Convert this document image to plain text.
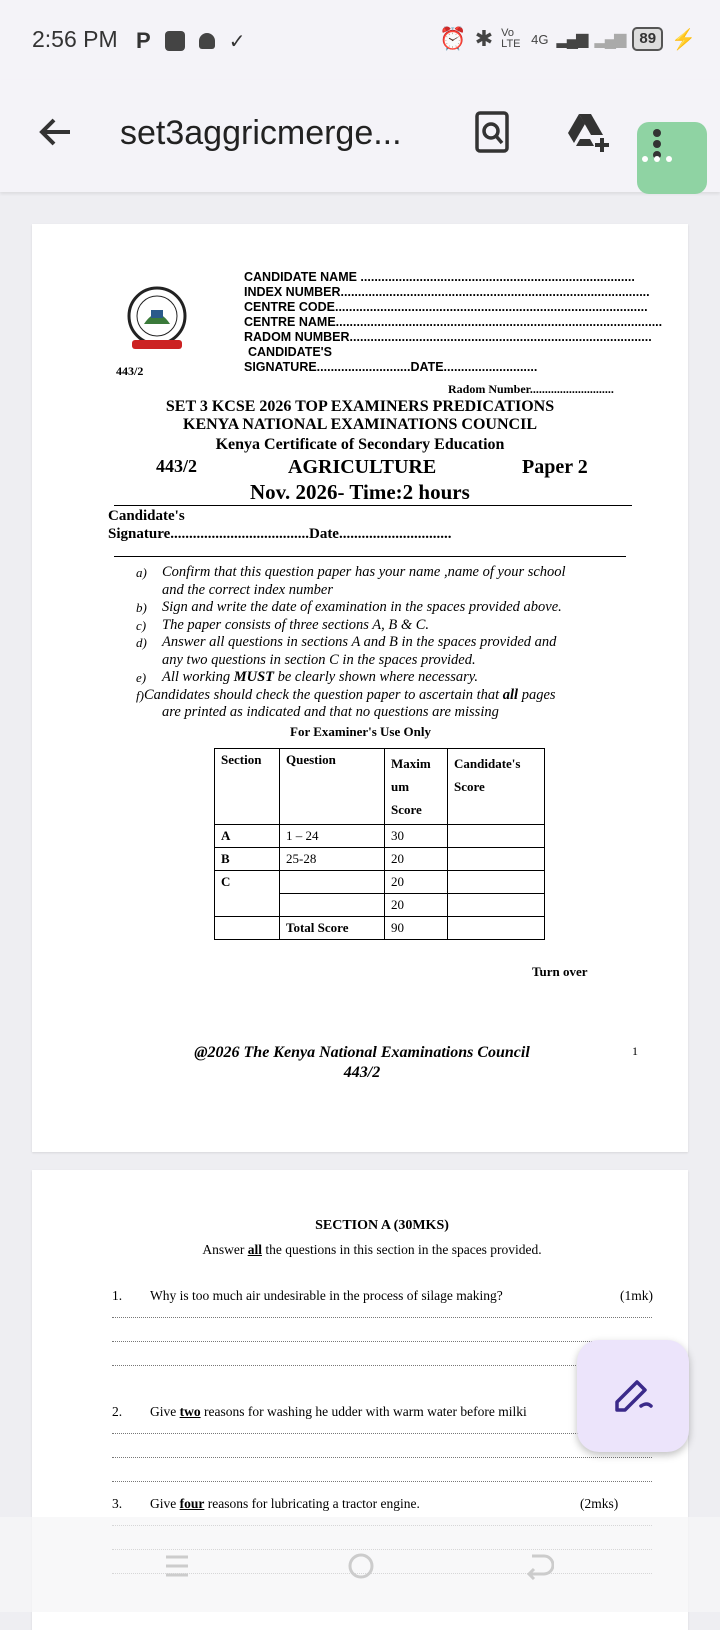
2:56 PM P	✓	⏰ ✱ Vo LTE 4G ▂▄▆ ▂▄▆	89 ⚡
set3aggricmerge...
443/2
CANDIDATE NAME ...............................................................................
INDEX NUMBER.........................................................................................
CENTRE CODE..........................................................................................
CENTRE NAME..............................................................................................
RADOM NUMBER.......................................................................................
CANDIDATE'S
SIGNATURE...........................DATE...........................
Radom Number............................
SET 3 KCSE 2026 TOP EXAMINERS PREDICATIONS
KENYA NATIONAL EXAMINATIONS COUNCIL
Kenya Certificate of Secondary Education
443/2	AGRICULTURE	Paper 2
Nov. 2026- Time:2 hours
Candidate's
Signature.....................................Date..............................
a)	Confirm that this question paper has your name ,name of your school
and the correct index number
b)	Sign and write the date of examination in the spaces provided above.
c)	The paper consists of three sections A, B & C.
d)	Answer all questions in sections A and B in the spaces provided and
any two questions in section C in the spaces provided.
e)	All working MUST be clearly shown where necessary.
f) Candidates should check the question paper to ascertain that all pages
are printed as indicated and that no questions are missing
For Examiner's Use Only
Section	Question	Maxim um Score	Candidate's Score
A	1 – 24	30	
B	25-28	20	
C		20	
		20	
	Total Score	90	
Turn over
@2026 The Kenya National Examinations Council
443/2
1
SECTION A (30MKS)
Answer all the questions in this section in the spaces provided.
1. Why is too much air undesirable in the process of silage making?	(1mk)
2. Give two reasons for washing he udder with warm water before milki
3. Give four reasons for lubricating a tractor engine.	(2mks)
